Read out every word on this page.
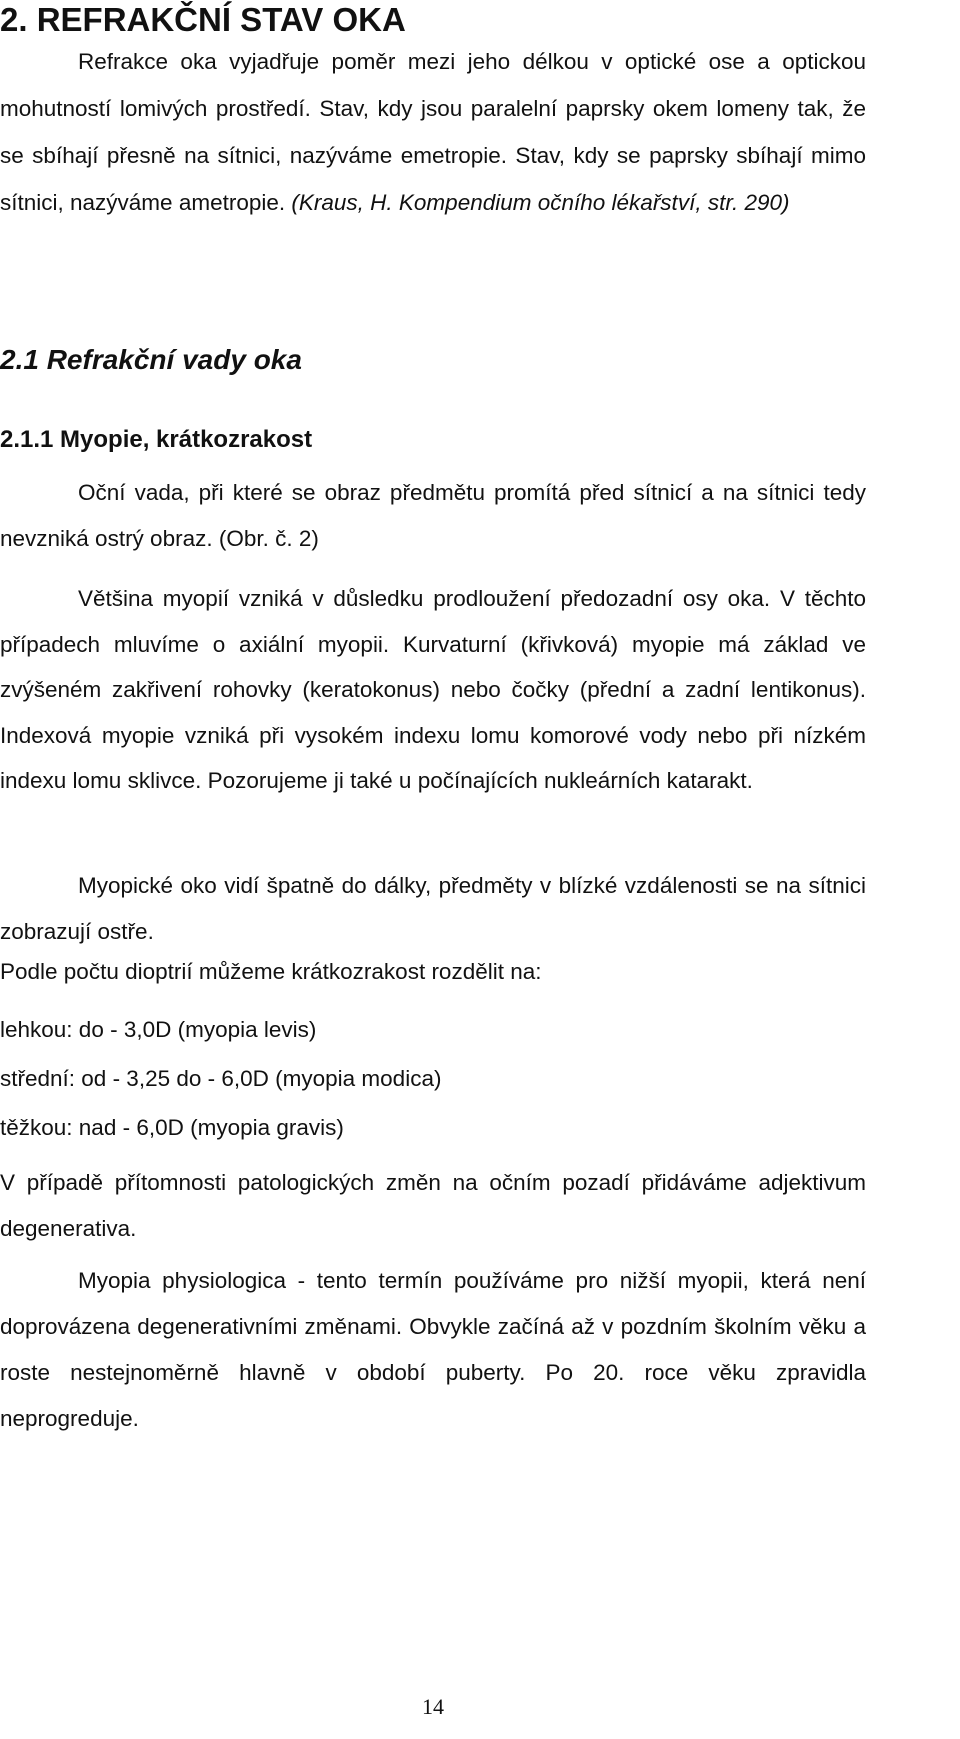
2. REFRAKČNÍ STAV OKA

Refrakce oka vyjadřuje poměr mezi jeho délkou v optické ose a optickou mohutností lomivých prostředí. Stav, kdy jsou paralelní paprsky okem lomeny tak, že se sbíhají přesně na sítnici, nazýváme emetropie. Stav, kdy se paprsky sbíhají mimo sítnici, nazýváme ametropie. (Kraus, H. Kompendium očního lékařství, str. 290)

2.1 Refrakční vady oka
2.1.1 Myopie, krátkozrakost

Oční vada, při které se obraz předmětu promítá před sítnicí a na sítnici tedy nevzniká ostrý obraz. (Obr. č. 2)

Většina myopií vzniká v důsledku prodloužení předozadní osy oka. V těchto případech mluvíme o axiální myopii. Kurvaturní (křivková) myopie má základ ve zvýšeném zakřivení rohovky (keratokonus) nebo čočky (přední a zadní lentikonus). Indexová myopie vzniká při vysokém indexu lomu komorové vody nebo při nízkém indexu lomu sklivce. Pozorujeme ji také u počínajících nukleárních katarakt.

Myopické oko vidí špatně do dálky, předměty v blízké vzdálenosti se na sítnici zobrazují ostře.

Podle počtu dioptrií můžeme krátkozrakost rozdělit na:
lehkou: do - 3,0D (myopia levis)
střední: od - 3,25 do - 6,0D (myopia modica)
těžkou: nad - 6,0D (myopia gravis)

V případě přítomnosti patologických změn na očním pozadí přidáváme adjektivum degenerativa.

Myopia physiologica - tento termín používáme pro nižší myopii, která není doprovázena degenerativními změnami. Obvykle začíná až v pozdním školním věku a roste nestejnoměrně hlavně v období puberty. Po 20. roce věku zpravidla neprogreduje.

14
